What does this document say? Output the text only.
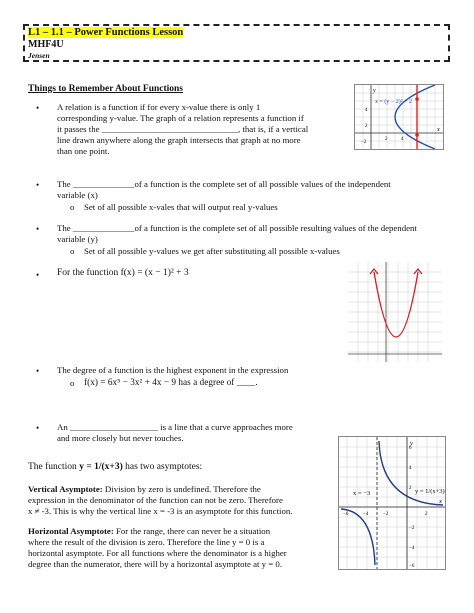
L1 – 1.1 – Power Functions Lesson
MHF4U
Jensen
Things to Remember About Functions
• A relation is a function if for every x-value there is only 1
corresponding y-value. The graph of a relation represents a function if
it passes the _______________________________, that is, if a vertical
line drawn anywhere along the graph intersects that graph at no more
than one point.
x = (y − 2)² + 2
x
y
4
2
−2
2	4
• The ______________of a function is the complete set of all possible values of the independent
variable (x)
o Set of all possible x-vales that will output real y-values
• The ______________of a function is the complete set of all possible resulting values of the dependent
variable (y)
o Set of all possible y-values we get after substituting all possible x-values
• For the function f(x) = (x − 1)² + 3
• The degree of a function is the highest exponent in the expression
o f(x) = 6x⁵ − 3x² + 4x − 9 has a degree of ____.
• An ____________________ is a line that a curve approaches more
and more closely but never touches.
x = −3	y = 1/(x+3)
x
y
6
4
2
−2
−4
−6
−6	−4	−2	2
The function y = 1/(x+3) has two asymptotes:
Vertical Asymptote: Division by zero is undefined. Therefore the
expression in the denominator of the function can not be zero. Therefore
x ≠ -3. This is why the vertical line x = -3 is an asymptote for this function.
Horizontal Asymptote: For the range, there can never be a situation
where the result of the division is zero. Therefore the line y = 0 is a
horizontal asymptote. For all functions where the denominator is a higher
degree than the numerator, there will by a horizontal asymptote at y = 0.
